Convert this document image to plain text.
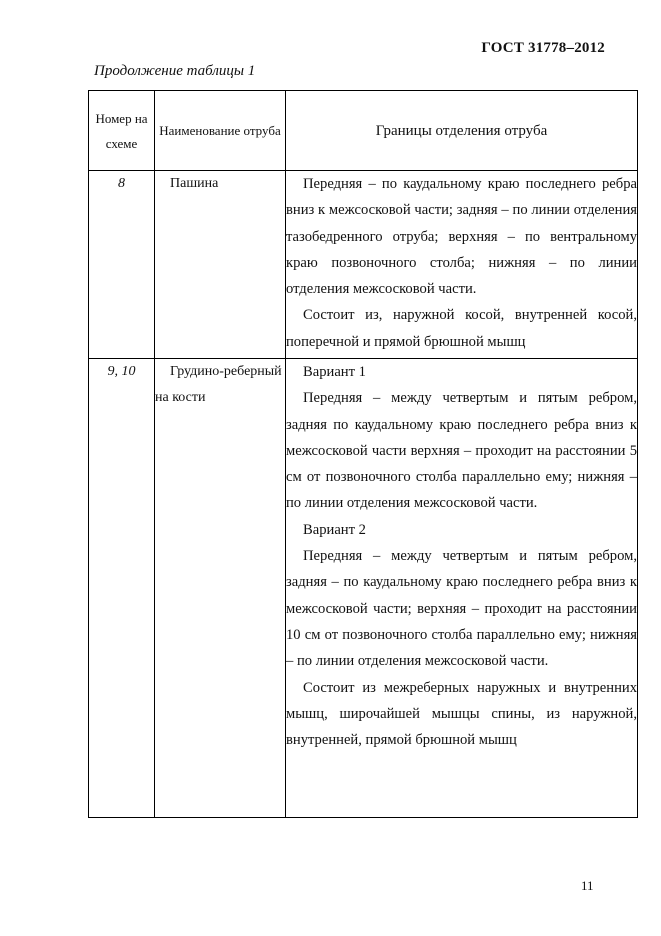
ГОСТ 31778–2012
Продолжение таблицы 1
Номер на схеме	Наименование отруба	Границы отделения отруба
8	Пашина	Передняя – по каудальному краю последнего ребра вниз к межсосковой части; задняя – по линии отделения тазобедренного отруба; верхняя – по вентральному краю позвоночного столба; нижняя – по линии отделения межсосковой части.

Состоит из, наружной косой, внутренней косой, поперечной и прямой брюшной мышц

9, 10	Грудино-реберный на кости	Вариант 1

Передняя – между четвертым и пятым ребром, задняя по каудальному краю последнего ребра вниз к межсосковой части верхняя – проходит на расстоянии 5 см от позвоночного столба параллельно ему; нижняя – по линии отделения межсосковой части.

Вариант 2

Передняя – между четвертым и пятым ребром, задняя – по каудальному краю последнего ребра вниз к межсосковой части; верхняя – проходит на расстоянии 10 см от позвоночного столба параллельно ему; нижняя – по линии отделения межсосковой части.

Состоит из межреберных наружных и внутренних мышц, широчайшей мышцы спины, из наружной, внутренней, прямой брюшной мышц

11
